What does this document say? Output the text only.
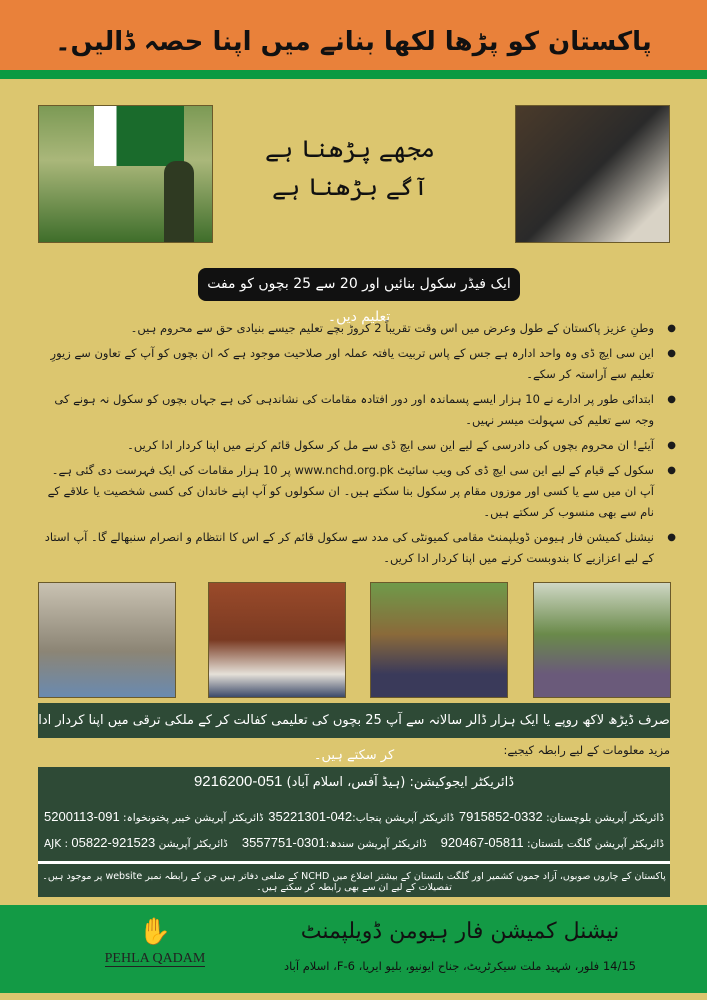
پاکستان کو پڑھا لکھا بنانے میں اپنا حصہ ڈالیں۔
مجھے پڑھنا ہے
آگے بڑھنا ہے
ایک فیڈر سکول بنائیں اور 20 سے 25 بچوں کو مفت تعلیم دیں۔
● وطنِ عزیز پاکستان کے طول وعرض میں اس وقت تقریباً 2 کروڑ بچے تعلیم جیسے بنیادی حق سے محروم ہیں۔
● این سی ایچ ڈی وہ واحد ادارہ ہے جس کے پاس تربیت یافتہ عملہ اور صلاحیت موجود ہے کہ ان بچوں کو آپ کے تعاون سے زیورِ تعلیم سے آراستہ کر سکے۔
● ابتدائی طور پر ادارے نے 10 ہزار ایسے پسماندہ اور دور افتادہ مقامات کی نشاندہی کی ہے جہاں بچوں کو سکول نہ ہونے کی وجہ سے تعلیم کی سہولت میسر نہیں۔
● آیئے! ان محروم بچوں کی دادرسی کے لیے این سی ایچ ڈی سے مل کر سکول قائم کرنے میں اپنا کردار ادا کریں۔
● سکول کے قیام کے لیے این سی ایچ ڈی کی ویب سائیٹ www.nchd.org.pk پر 10 ہزار مقامات کی ایک فہرست دی گئی ہے۔ آپ ان میں سے یا کسی اور موزوں مقام پر سکول بنا سکتے ہیں۔ ان سکولوں کو آپ اپنے خاندان کی کسی شخصیت یا علاقے کے نام سے بھی منسوب کر سکتے ہیں۔
● نیشنل کمیشن فار ہیومن ڈویلپمنٹ مقامی کمیونٹی کی مدد سے سکول قائم کر کے اس کا انتظام و انصرام سنبھالے گا۔ آپ استاد کے لیے اعزازیے کا بندوبست کرنے میں اپنا کردار ادا کریں۔
صرف ڈیڑھ لاکھ روپے یا ایک ہزار ڈالر سالانہ سے آپ 25 بچوں کی تعلیمی کفالت کر کے ملکی ترقی میں اپنا کردار ادا کر سکتے ہیں۔	مزید معلومات کے لیے رابطہ کیجیے:
ڈائریکٹر ایجوکیشن: (ہیڈ آفس، اسلام آباد) 051-9216200
ڈائریکٹر آپریشن بلوچستان: 0332-7915852
ڈائریکٹر آپریشن پنجاب:042-35221301
ڈائریکٹر آپریشن خیبر پختونخواہ: 091-5200113
ڈائریکٹر آپریشن گلگت بلتستان: 05811-920467
ڈائریکٹر آپریشن سندھ:0301-3557751
ڈائریکٹر آپریشن AJK : 05822-921523
پاکستان کے چاروں صوبوں، آزاد جموں کشمیر اور گلگت بلتستان کے بیشتر اضلاع میں NCHD کے ضلعی دفاتر ہیں جن کے رابطہ نمبر website پر موجود ہیں۔ تفصیلات کے لیے ان سے بھی رابطہ کر سکتے ہیں۔
✋
PEHLA QADAM
نیشنل کمیشن فار ہیومن ڈویلپمنٹ
14/15 فلور، شہید ملت سیکرٹریٹ، جناح ایونیو، بلیو ایریا، F-6، اسلام آباد
